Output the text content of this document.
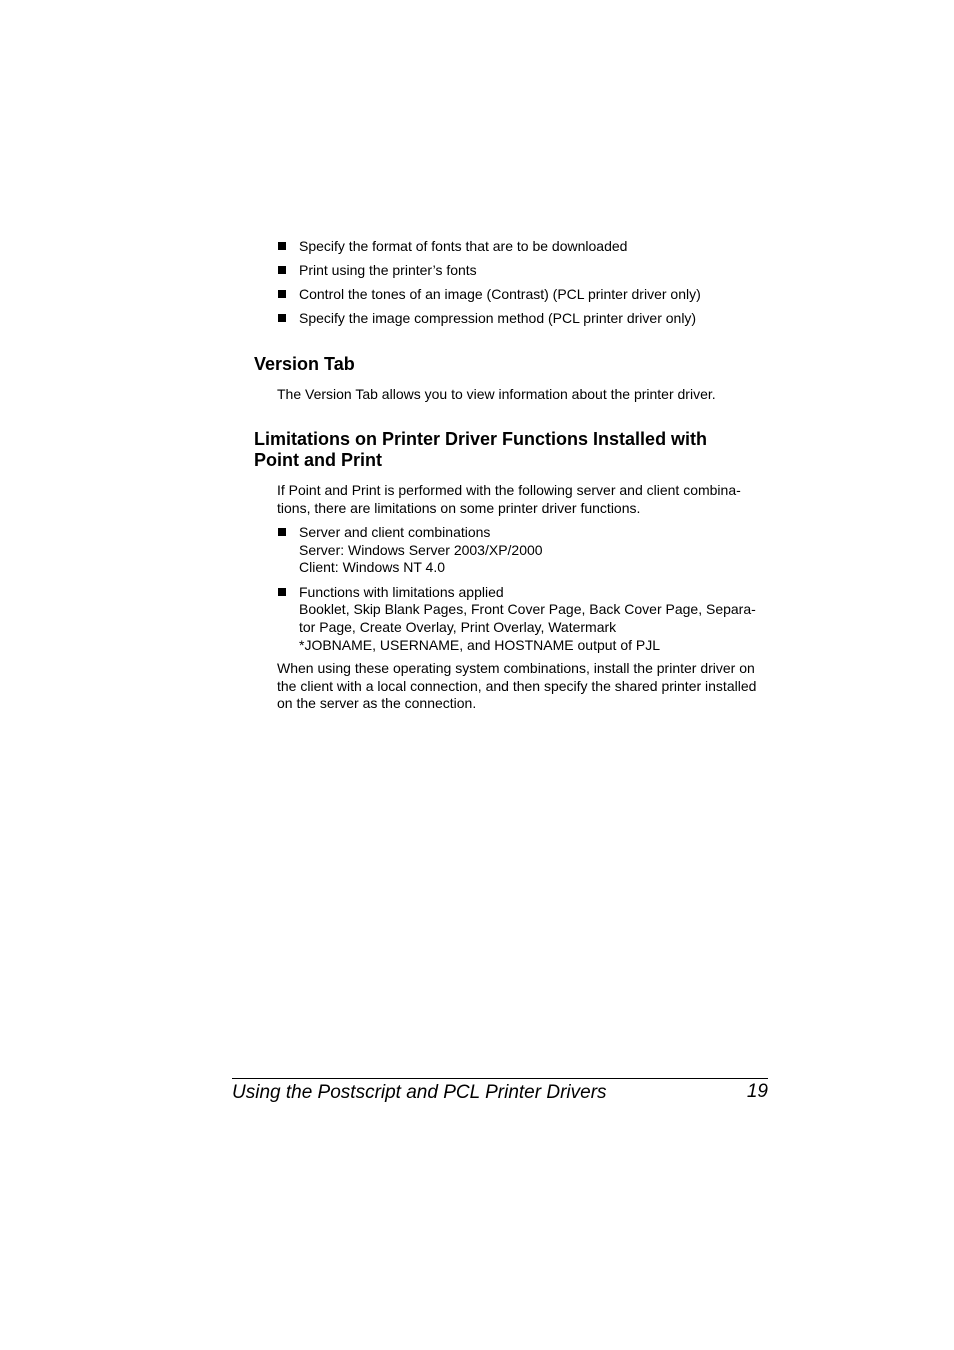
Specify the format of fonts that are to be downloaded
Print using the printer’s fonts
Control the tones of an image (Contrast) (PCL printer driver only)
Specify the image compression method (PCL printer driver only)
Version Tab

The Version Tab allows you to view information about the printer driver.

Limitations on Printer Driver Functions Installed with
Point and Print

If Point and Print is performed with the following server and client combina-
tions, there are limitations on some printer driver functions.

Server and client combinations
Server: Windows Server 2003/XP/2000
Client: Windows NT 4.0
Functions with limitations applied
Booklet, Skip Blank Pages, Front Cover Page, Back Cover Page, Separa-
tor Page, Create Overlay, Print Overlay, Watermark
*JOBNAME, USERNAME, and HOSTNAME output of PJL

When using these operating system combinations, install the printer driver on
the client with a local connection, and then specify the shared printer installed
on the server as the connection.

Using the Postscript and PCL Printer Drivers	19
